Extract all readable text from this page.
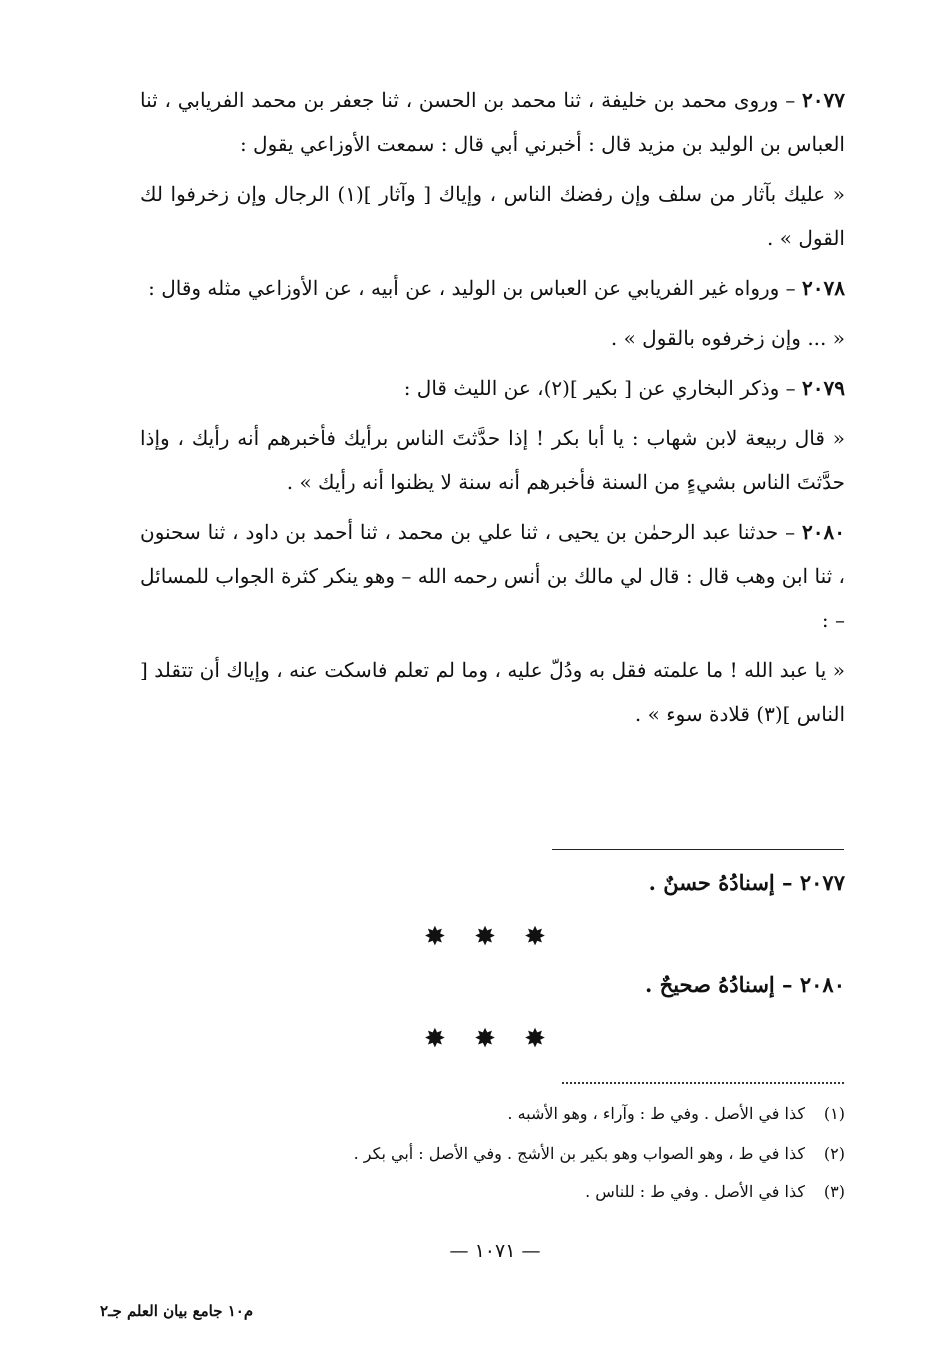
٢٠٧٧ – وروى محمد بن خليفة ، ثنا محمد بن الحسن ، ثنا جعفر بن محمد الفريابي ، ثنا العباس بن الوليد بن مزيد قال : أخبرني أبي قال : سمعت الأوزاعي يقول :

« عليك بآثار من سلف وإن رفضك الناس ، وإياك [ وآثار ](١) الرجال وإن زخرفوا لك القول » .

٢٠٧٨ – ورواه غير الفريابي عن العباس بن الوليد ، عن أبيه ، عن الأوزاعي مثله وقال :

« ... وإن زخرفوه بالقول » .

٢٠٧٩ – وذكر البخاري عن [ بكير ](٢)، عن الليث قال :

« قال ربيعة لابن شهاب : يا أبا بكر ! إذا حدَّثتَ الناس برأيك فأخبرهم أنه رأيك ، وإذا حدَّثتَ الناس بشيءٍ من السنة فأخبرهم أنه سنة لا يظنوا أنه رأيك » .

٢٠٨٠ – حدثنا عبد الرحمٰن بن يحيى ، ثنا علي بن محمد ، ثنا أحمد بن داود ، ثنا سحنون ، ثنا ابن وهب قال : قال لي مالك بن أنس رحمه الله – وهو ينكر كثرة الجواب للمسائل – :

« يا عبد الله ! ما علمته فقل به ودُلّ عليه ، وما لم تعلم فاسكت عنه ، وإياك أن تتقلد [ الناس ](٣) قلادة سوء » .

٢٠٧٧ – إسنادُهُ حسنٌ .
✸ ✸ ✸
٢٠٨٠ – إسنادُهُ صحيحٌ .
✸ ✸ ✸
(١)كذا في الأصل . وفي ط : وآراء ، وهو الأشبه .
(٢)كذا في ط ، وهو الصواب وهو بكير بن الأشج . وفي الأصل : أبي بكر .
(٣)كذا في الأصل . وفي ط : للناس .
— ١٠٧١ —
م١٠ جامع بيان العلم جـ٢
